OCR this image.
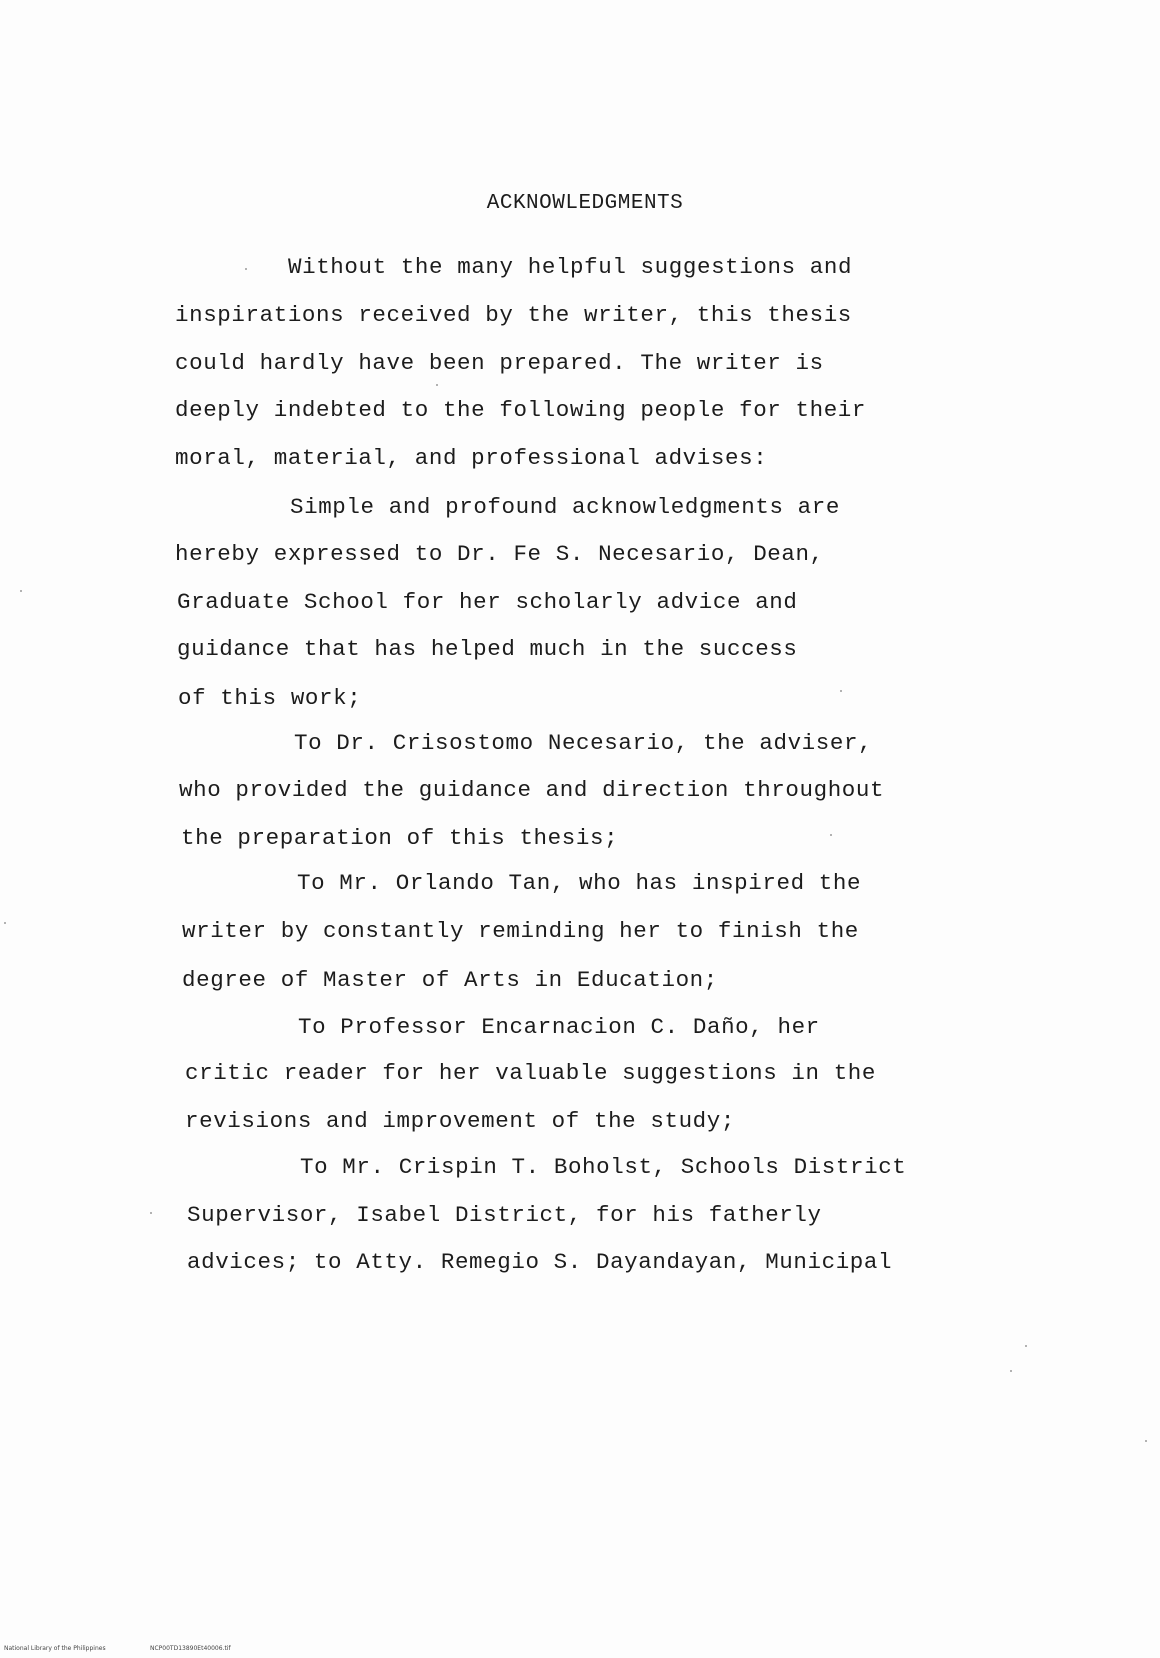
ACKNOWLEDGMENTS
Without the many helpful suggestions and
inspirations received by the writer, this thesis
could hardly have been prepared. The writer is
deeply indebted to the following people for their
moral, material, and professional advises:
Simple and profound acknowledgments are
hereby expressed to Dr. Fe S. Necesario, Dean,
Graduate School for her scholarly advice and
guidance that has helped much in the success
of this work;
To Dr. Crisostomo Necesario, the adviser,
who provided the guidance and direction throughout
the preparation of this thesis;
To Mr. Orlando Tan, who has inspired the
writer by constantly reminding her to finish the
degree of Master of Arts in Education;
To Professor Encarnacion C. Daño, her
critic reader for her valuable suggestions in the
revisions and improvement of the study;
To Mr. Crispin T. Boholst, Schools District
Supervisor, Isabel District, for his fatherly
advices; to Atty. Remegio S. Dayandayan, Municipal
National Library of the Philippines	NCP00TD13890Et40006.tif
